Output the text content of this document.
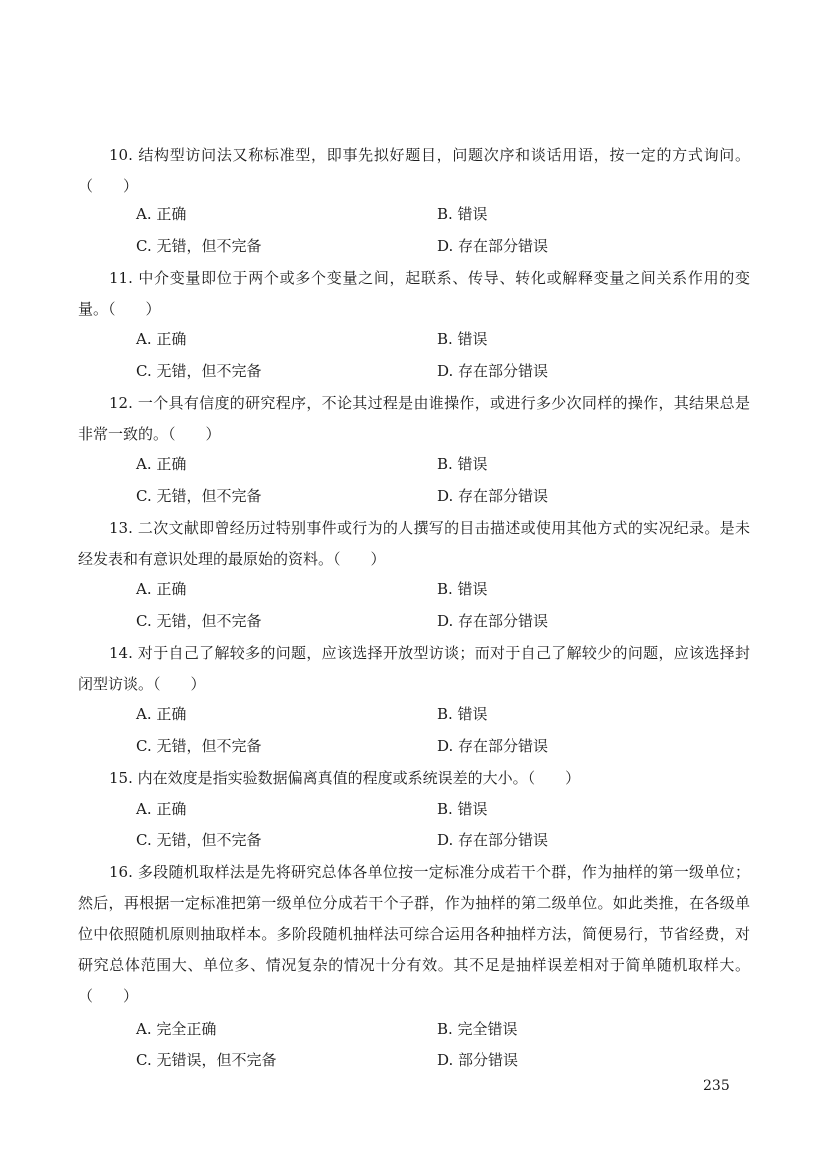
10. 结构型访问法又称标准型，即事先拟好题目，问题次序和谈话用语，按一定的方式询问。（　　）

A. 正确	B. 错误
C. 无错，但不完备	D. 存在部分错误

11. 中介变量即位于两个或多个变量之间，起联系、传导、转化或解释变量之间关系作用的变量。（　　）

A. 正确	B. 错误
C. 无错，但不完备	D. 存在部分错误

12. 一个具有信度的研究程序，不论其过程是由谁操作，或进行多少次同样的操作，其结果总是非常一致的。（　　）

A. 正确	B. 错误
C. 无错，但不完备	D. 存在部分错误

13. 二次文献即曾经历过特别事件或行为的人撰写的目击描述或使用其他方式的实况纪录。是未经发表和有意识处理的最原始的资料。（　　）

A. 正确	B. 错误
C. 无错，但不完备	D. 存在部分错误

14. 对于自己了解较多的问题，应该选择开放型访谈；而对于自己了解较少的问题，应该选择封闭型访谈。（　　）

A. 正确	B. 错误
C. 无错，但不完备	D. 存在部分错误

15. 内在效度是指实验数据偏离真值的程度或系统误差的大小。（　　）

A. 正确	B. 错误
C. 无错，但不完备	D. 存在部分错误

16. 多段随机取样法是先将研究总体各单位按一定标准分成若干个群，作为抽样的第一级单位；然后，再根据一定标准把第一级单位分成若干个子群，作为抽样的第二级单位。如此类推，在各级单位中依照随机原则抽取样本。多阶段随机抽样法可综合运用各种抽样方法，简便易行，节省经费，对研究总体范围大、单位多、情况复杂的情况十分有效。其不足是抽样误差相对于简单随机取样大。（　　）

A. 完全正确	B. 完全错误
C. 无错误，但不完备	D. 部分错误
235
